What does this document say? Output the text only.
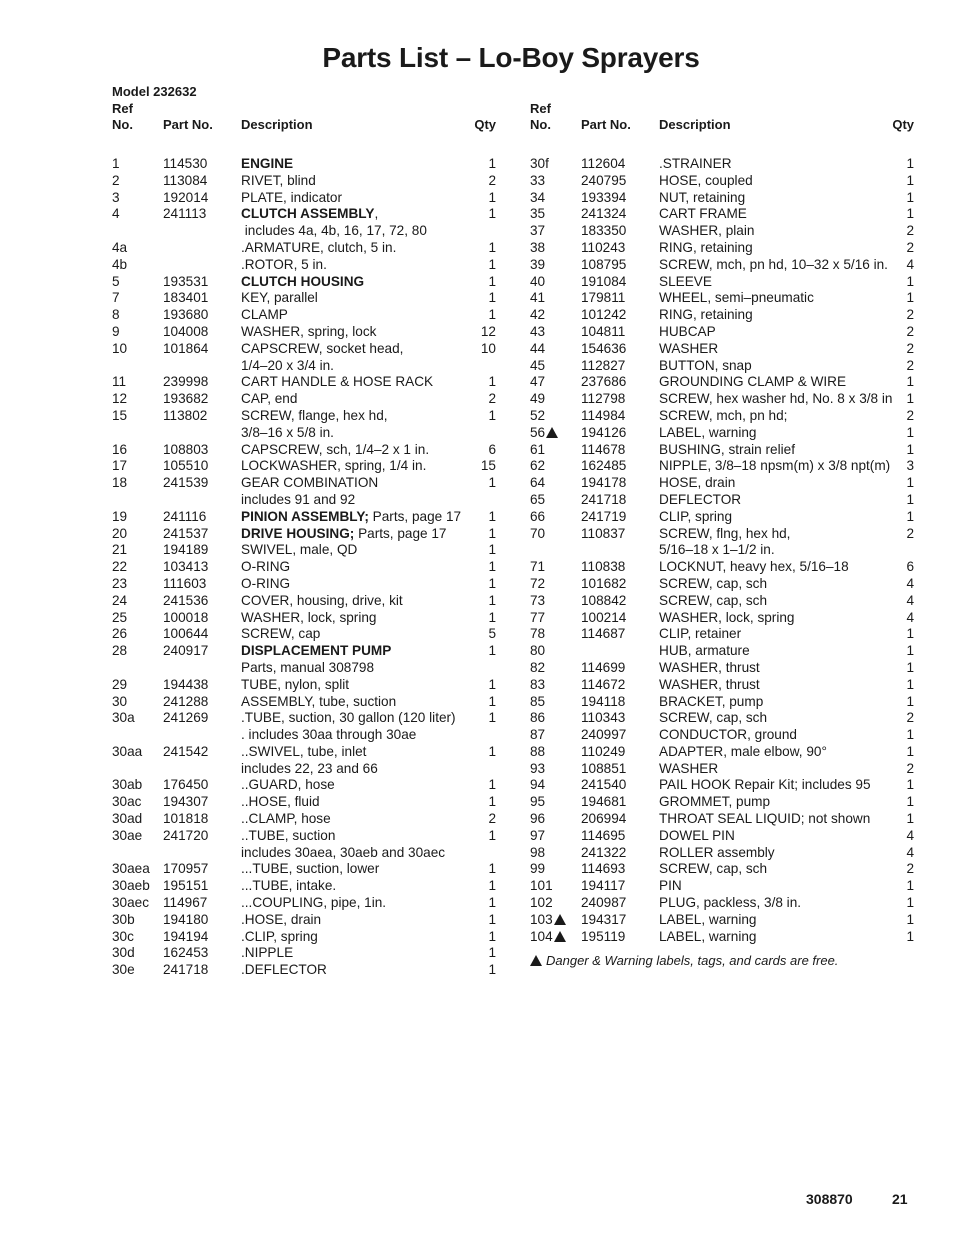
Parts List – Lo-Boy Sprayers
Model 232632
Ref
No. Part No. Description	Qty
1	114530 ENGINE	1
2	113084 RIVET, blind	2
3	192014 PLATE, indicator	1
4	241113	CLUTCH ASSEMBLY,	1
includes 4a, 4b, 16, 17, 72, 80
4a	.ARMATURE, clutch, 5 in.	1
4b	.ROTOR, 5 in.	1
5	193531 CLUTCH HOUSING	1
7	183401 KEY, parallel	1
8	193680 CLAMP	1
9	104008 WASHER, spring, lock	12
10	101864 CAPSCREW, socket head,	10
1/4–20 x 3/4 in.
11	239998 CART HANDLE & HOSE RACK	1
12	193682 CAP, end	2
15	113802 SCREW, flange, hex hd,	1
3/8–16 x 5/8 in.
16	108803 CAPSCREW, sch, 1/4–2 x 1 in.	6
17	105510 LOCKWASHER, spring, 1/4 in.	15
18	241539 GEAR COMBINATION	1
includes 91 and 92
19	241116	PINION ASSEMBLY; Parts, page 17 1
20	241537 DRIVE HOUSING; Parts, page 17	1
21	194189 SWIVEL, male, QD	1
22	103413 O-RING	1
23	111603	O-RING	1
24	241536 COVER, housing, drive, kit	1
25	100018 WASHER, lock, spring	1
26	100644 SCREW, cap	5
28	240917 DISPLACEMENT PUMP	1
Parts, manual 308798
29	194438 TUBE, nylon, split	1
30	241288 ASSEMBLY, tube, suction	1
30a 241269 .TUBE, suction, 30 gallon (120 liter) 1
. includes 30aa through 30ae
30aa 241542 ..SWIVEL, tube, inlet	1
includes 22, 23 and 66
30ab 176450 ..GUARD, hose	1
30ac 194307 ..HOSE, fluid	1
30ad 101818 ..CLAMP, hose	2
30ae 241720 ..TUBE, suction	1
includes 30aea, 30aeb and 30aec
30aea 170957 ...TUBE, suction, lower	1
30aeb 195151 ...TUBE, intake.	1
30aec 114967 ...COUPLING, pipe, 1in.	1
30b 194180 .HOSE, drain	1
30c 194194 .CLIP, spring	1
30d 162453 .NIPPLE	1
30e 241718 .DEFLECTOR	1
Ref
No. Part No. Description	Qty
30f 112604 .STRAINER	1
33	240795 HOSE, coupled	1
34	193394 NUT, retaining	1
35	241324 CART FRAME	1
37	183350 WASHER, plain	2
38	110243 RING, retaining	2
39	108795 SCREW, mch, pn hd, 10–32 x 5/16 in. 4
40	191084 SLEEVE	1
41	179811 WHEEL, semi–pneumatic	1
42	101242 RING, retaining	2
43	104811 HUBCAP	2
44	154636 WASHER	2
45	112827 BUTTON, snap	2
47	237686 GROUNDING CLAMP & WIRE	1
49	112798 SCREW, hex washer hd, No. 8 x 3/8 in 1
52	114984 SCREW, mch, pn hd;	2
56	194126 LABEL, warning	1
61	114678 BUSHING, strain relief	1
62	162485 NIPPLE, 3/8–18 npsm(m) x 3/8 npt(m) 3
64	194178 HOSE, drain	1
65	241718 DEFLECTOR	1
66	241719 CLIP, spring	1
70	110837 SCREW, flng, hex hd,	2
5/16–18 x 1–1/2 in.
71	110838 LOCKNUT, heavy hex, 5/16–18	6
72	101682 SCREW, cap, sch	4
73	108842 SCREW, cap, sch	4
77	100214 WASHER, lock, spring	4
78	114687 CLIP, retainer	1
80	HUB, armature	1
82	114699 WASHER, thrust	1
83	114672 WASHER, thrust	1
85	194118 BRACKET, pump	1
86	110343 SCREW, cap, sch	2
87	240997 CONDUCTOR, ground	1
88	110249 ADAPTER, male elbow, 90°	1
93	108851 WASHER	2
94	241540 PAIL HOOK Repair Kit; includes 95	1
95	194681 GROMMET, pump	1
96	206994 THROAT SEAL LIQUID; not shown	1
97	114695 DOWEL PIN	4
98	241322 ROLLER assembly	4
99	114693 SCREW, cap, sch	2
101 194117 PIN	1
102 240987 PLUG, packless, 3/8 in.	1
103	194317 LABEL, warning	1
104	195119 LABEL, warning	1
Danger & Warning labels, tags, and cards are free.
308870	21
